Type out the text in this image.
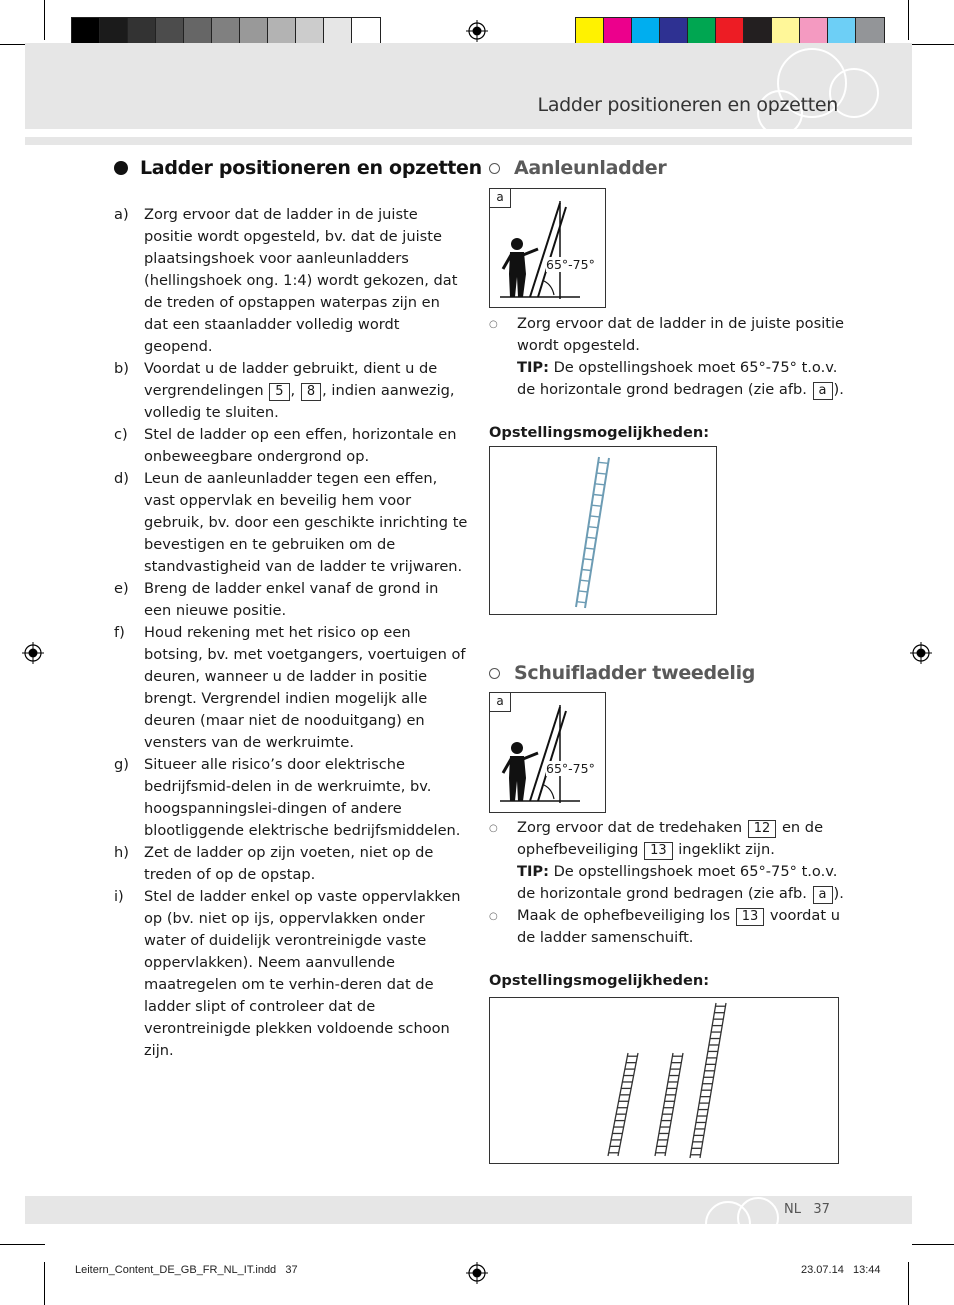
Ladder positioneren en opzetten
Ladder positioneren en opzetten
a)	Zorg ervoor dat de ladder in de juiste positie wordt opgesteld, bv. dat de juiste plaatsingshoek voor aanleunladders (hellingshoek ong. 1:4) wordt gekozen, dat de treden of opstappen waterpas zijn en dat een staanladder volledig wordt geopend.
b)	Voordat u de ladder gebruikt, dient u de vergrendelingen 5 , 8 , indien aanwezig, volledig te sluiten.
c)	Stel de ladder op een effen, horizontale en onbeweegbare ondergrond op.
d)	Leun de aanleunladder tegen een effen, vast oppervlak en beveilig hem voor gebruik, bv. door een geschikte inrichting te bevestigen en te gebruiken om de standvastigheid van de ladder te vrijwaren.
e)	Breng de ladder enkel vanaf de grond in een nieuwe positie.
f)	Houd rekening met het risico op een botsing, bv. met voetgangers, voertuigen of deuren, wanneer u de ladder in positie brengt. Vergrendel indien mogelijk alle deuren (maar niet de nooduitgang) en vensters van de werkruimte.
g)	Situeer alle risico’s door elektrische bedrijfsmid-delen in de werkruimte, bv. hoogspanningslei-dingen of andere blootliggende elektrische bedrijfsmiddelen.
h)	Zet de ladder op zijn voeten, niet op de treden of op de opstap.
i)	Stel de ladder enkel op vaste oppervlakken op (bv. niet op ijs, oppervlakken onder water of duidelijk verontreinigde vaste oppervlakken). Neem aanvullende maatregelen om te verhin-deren dat de ladder slipt of controleer dat de verontreinigde plekken voldoende schoon zijn.
Aanleunladder
a
65°-75°
○	Zorg ervoor dat de ladder in de juiste positie wordt opgesteld.
TIP: De opstellingshoek moet 65°-75° t.o.v. de horizontale grond bedragen (zie afb. a ).
Opstellingsmogelijkheden:
Schuifladder tweedelig
a
65°-75°
○	Zorg ervoor dat de tredehaken 12 en de ophefbeveiliging 13 ingeklikt zijn.
TIP: De opstellingshoek moet 65°-75° t.o.v. de horizontale grond bedragen (zie afb. a ).
○	Maak de ophefbeveiliging los 13 voordat u de ladder samenschuift.
Opstellingsmogelijkheden:
NL 37
Leitern_Content_DE_GB_FR_NL_IT.indd   37	23.07.14   13:44
